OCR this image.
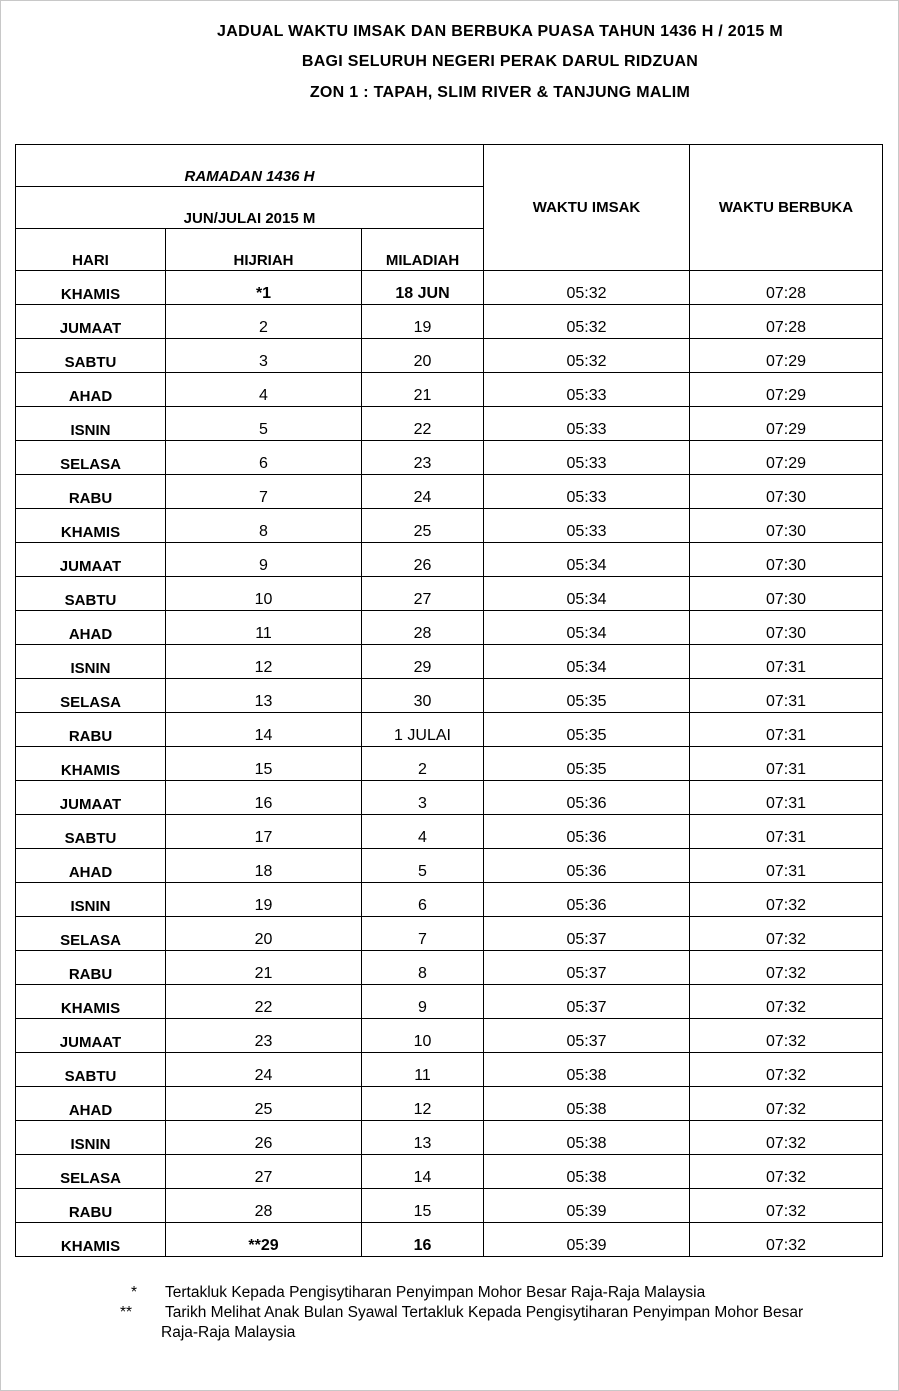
JADUAL WAKTU IMSAK DAN BERBUKA PUASA TAHUN 1436 H / 2015 M
BAGI SELURUH NEGERI PERAK DARUL RIDZUAN
ZON 1 : TAPAH, SLIM RIVER & TANJUNG MALIM
RAMADAN 1436 H			WAKTU IMSAK	WAKTU BERBUKA
JUN/JULAI 2015 M				
HARI	HIJRIAH	MILADIAH		
KHAMIS	*1	18 JUN	05:32	07:28
JUMAAT	2	19	05:32	07:28
SABTU	3	20	05:32	07:29
AHAD	4	21	05:33	07:29
ISNIN	5	22	05:33	07:29
SELASA	6	23	05:33	07:29
RABU	7	24	05:33	07:30
KHAMIS	8	25	05:33	07:30
JUMAAT	9	26	05:34	07:30
SABTU	10	27	05:34	07:30
AHAD	11	28	05:34	07:30
ISNIN	12	29	05:34	07:31
SELASA	13	30	05:35	07:31
RABU	14	1 JULAI	05:35	07:31
KHAMIS	15	2	05:35	07:31
JUMAAT	16	3	05:36	07:31
SABTU	17	4	05:36	07:31
AHAD	18	5	05:36	07:31
ISNIN	19	6	05:36	07:32
SELASA	20	7	05:37	07:32
RABU	21	8	05:37	07:32
KHAMIS	22	9	05:37	07:32
JUMAAT	23	10	05:37	07:32
SABTU	24	11	05:38	07:32
AHAD	25	12	05:38	07:32
ISNIN	26	13	05:38	07:32
SELASA	27	14	05:38	07:32
RABU	28	15	05:39	07:32
KHAMIS	**29	16	05:39	07:32
* Tertakluk Kepada Pengisytiharan Penyimpan Mohor Besar Raja-Raja Malaysia
** Tarikh Melihat Anak Bulan Syawal Tertakluk Kepada Pengisytiharan Penyimpan Mohor Besar
Raja-Raja Malaysia
